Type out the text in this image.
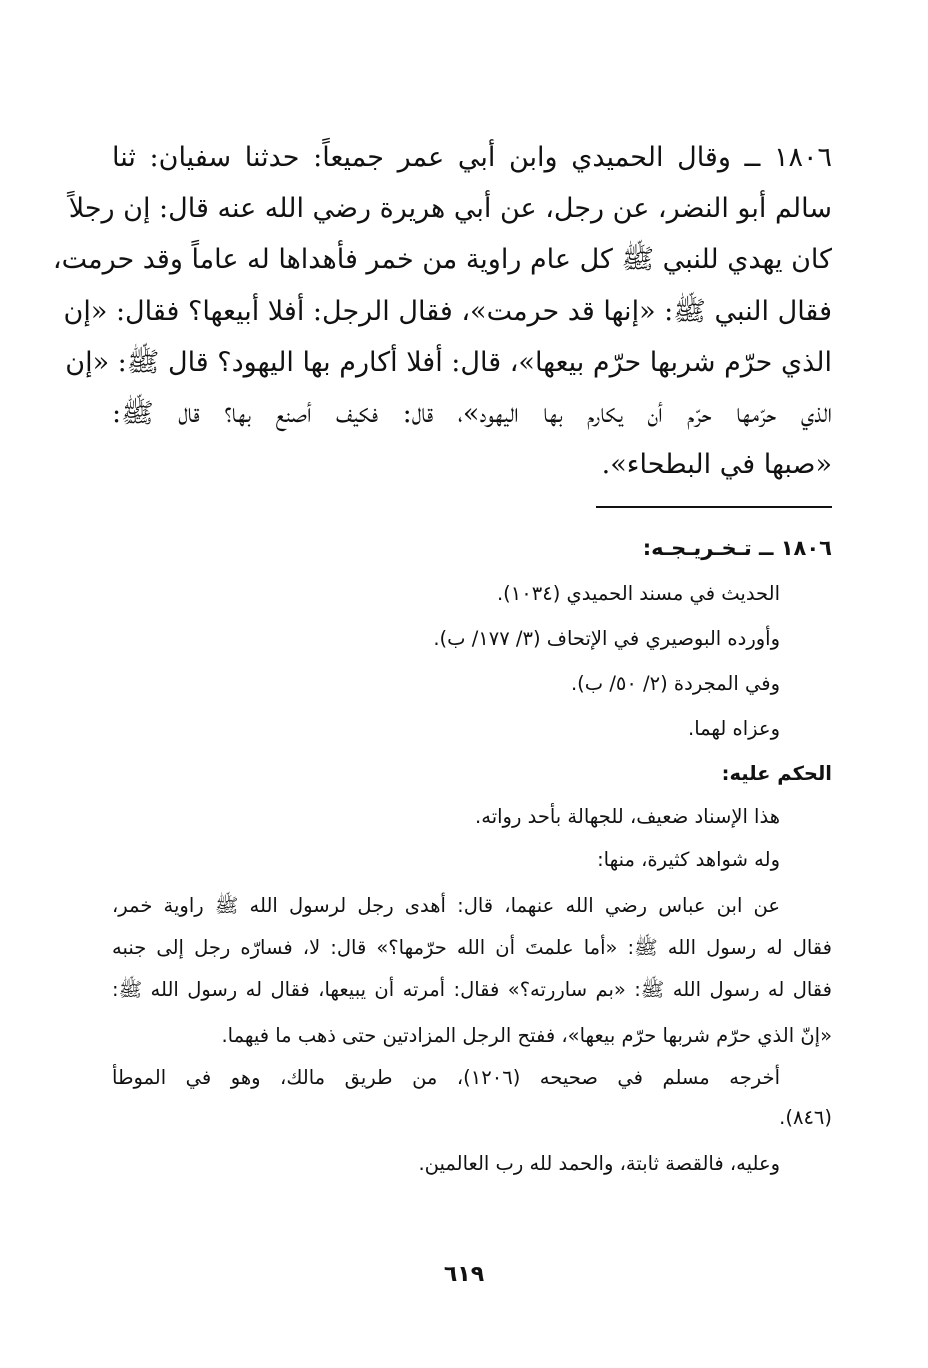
١٨٠٦ ــ وقال الحميدي وابن أبي عمر جميعاً: حدثنا سفيان: ثنا
سالم أبو النضر، عن رجل، عن أبي هريرة رضي الله عنه قال: إن رجلاً
كان يهدي للنبي ﷺ كل عام راوية من خمر فأهداها له عاماً وقد حرمت،
فقال النبي ﷺ: «إنها قد حرمت»، فقال الرجل: أفلا أبيعها؟ فقال: «إن
الذي حرّم شربها حرّم بيعها»، قال: أفلا أكارم بها اليهود؟ قال ﷺ: «إن
الذي حرّمها حرّم أن يكارم بها اليهود»، قال: فكيف أصنع بها؟ قال ﷺ:
«صبها في البطحاء».
١٨٠٦ ــ تـخـريـجـه:
الحديث في مسند الحميدي (١٠٣٤).
وأورده البوصيري في الإتحاف (٣/ ١٧٧/ ب).
وفي المجردة (٢/ ٥٠/ ب).
وعزاه لهما.
الحكم عليه:
هذا الإسناد ضعيف، للجهالة بأحد رواته.
وله شواهد كثيرة، منها:
عن ابن عباس رضي الله عنهما، قال: أهدى رجل لرسول الله ﷺ راوية خمر،
فقال له رسول الله ﷺ: «أما علمتَ أن الله حرّمها؟» قال: لا، فسارّه رجل إلى جنبه
فقال له رسول الله ﷺ: «بم ساررته؟» فقال: أمرته أن يبيعها، فقال له رسول الله ﷺ:
«إنّ الذي حرّم شربها حرّم بيعها»، ففتح الرجل المزادتين حتى ذهب ما فيهما.
أخرجه مسلم في صحيحه (١٢٠٦)، من طريق مالك، وهو في الموطأ
(٨٤٦).
وعليه، فالقصة ثابتة، والحمد لله رب العالمين.
٦١٩
